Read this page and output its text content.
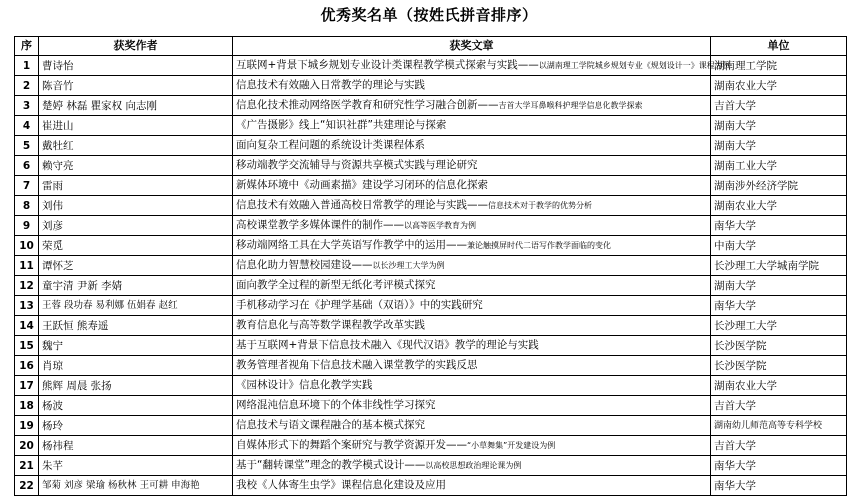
优秀奖名单（按姓氏拼音排序）
序	获奖作者	获奖文章	单位
1	曹诗怡	互联网+背景下城乡规划专业设计类课程教学模式探索与实践——以湖南理工学院城乡规划专业《规划设计一》课程为例	湖南理工学院
2	陈音竹	信息技术有效融入日常教学的理论与实践	湖南农业大学
3	楚婷 林磊 瞿家权 向志刚	信息化技术推动网络医学教育和研究性学习融合创新——吉首大学耳鼻喉科护理学信息化教学探索	吉首大学
4	崔进山	《广告摄影》线上“知识社群”共建理论与探索	湖南大学
5	戴牡红	面向复杂工程问题的系统设计类课程体系	湖南大学
6	赖守亮	移动端教学交流辅导与资源共享模式实践与理论研究	湖南工业大学
7	雷雨	新媒体环境中《动画素描》建设学习闭环的信息化探索	湖南涉外经济学院
8	刘伟	信息技术有效融入普通高校日常教学的理论与实践——信息技术对于教学的优势分析	湖南农业大学
9	刘彦	高校课堂教学多媒体课件的制作——以高等医学教育为例	南华大学
10	荣觅	移动端网络工具在大学英语写作教学中的运用——兼论触摸屏时代二语写作教学面临的变化	中南大学
11	谭怀芝	信息化助力智慧校园建设——以长沙理工大学为例	长沙理工大学城南学院
12	童宇清 尹新 李婧	面向教学全过程的新型无纸化考评模式探究	湖南大学
13	王蓉 段功春 易利娜 伍娟春 赵红	手机移动学习在《护理学基础（双语）》中的实践研究	南华大学
14	王跃恒 熊寿遥	教育信息化与高等数学课程教学改革实践	长沙理工大学
15	魏宁	基于互联网+背景下信息技术融入《现代汉语》教学的理论与实践	长沙医学院
16	肖琼	教务管理者视角下信息技术融入课堂教学的实践反思	长沙医学院
17	熊辉 周晨 张扬	《园林设计》信息化教学实践	湖南农业大学
18	杨波	网络混沌信息环境下的个体非线性学习探究	吉首大学
19	杨玲	信息技术与语文课程融合的基本模式探究	湖南幼儿师范高等专科学校
20	杨祎程	自媒体形式下的舞蹈个案研究与教学资源开发——“小草舞集”开发建设为例	吉首大学
21	朱芊	基于“翻转课堂”理念的教学模式设计——以高校思想政治理论课为例	南华大学
22	邹菊 刘彦 梁瑜 杨秋林 王可耕 申海艳	我校《人体寄生虫学》课程信息化建设及应用	南华大学
